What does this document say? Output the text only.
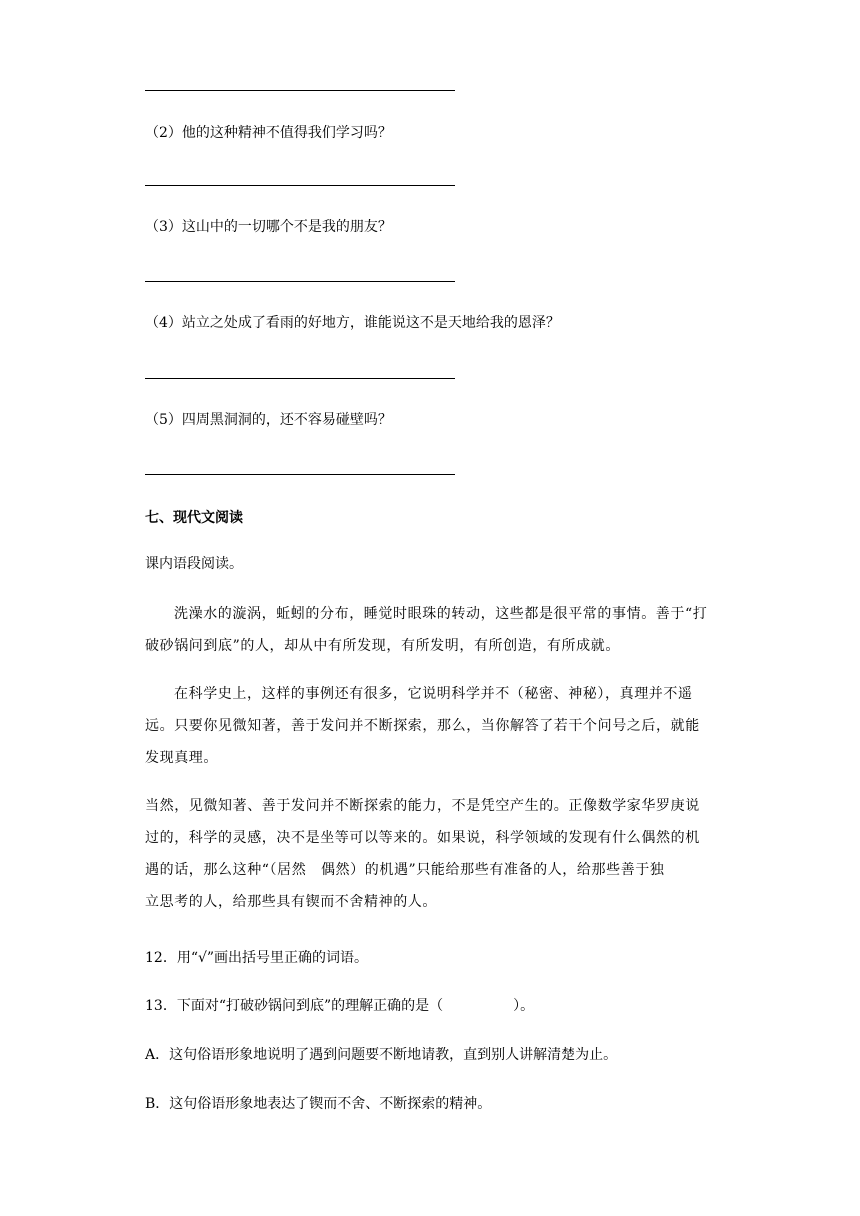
（2）他的这种精神不值得我们学习吗？

（3）这山中的一切哪个不是我的朋友？

（4）站立之处成了看雨的好地方，谁能说这不是天地给我的恩泽？

（5）四周黑洞洞的，还不容易碰壁吗？

七、现代文阅读

课内语段阅读。

洗澡水的漩涡，蚯蚓的分布，睡觉时眼珠的转动，这些都是很平常的事情。善于“打

破砂锅问到底”的人，却从中有所发现，有所发明，有所创造，有所成就。

在科学史上，这样的事例还有很多，它说明科学并不（秘密、神秘），真理并不遥

远。只要你见微知著，善于发问并不断探索，那么，当你解答了若干个问号之后，就能

发现真理。

当然，见微知著、善于发问并不断探索的能力，不是凭空产生的。正像数学家华罗庚说

过的，科学的灵感，决不是坐等可以等来的。如果说，科学领域的发现有什么偶然的机

遇的话，那么这种“（居然　偶然）的机遇”只能给那些有准备的人，给那些善于独

立思考的人，给那些具有锲而不舍精神的人。

12．用“√”画出括号里正确的词语。

13．下面对“打破砂锅问到底”的理解正确的是（　　　　　）。

A．这句俗语形象地说明了遇到问题要不断地请教，直到别人讲解清楚为止。

B．这句俗语形象地表达了锲而不舍、不断探索的精神。
